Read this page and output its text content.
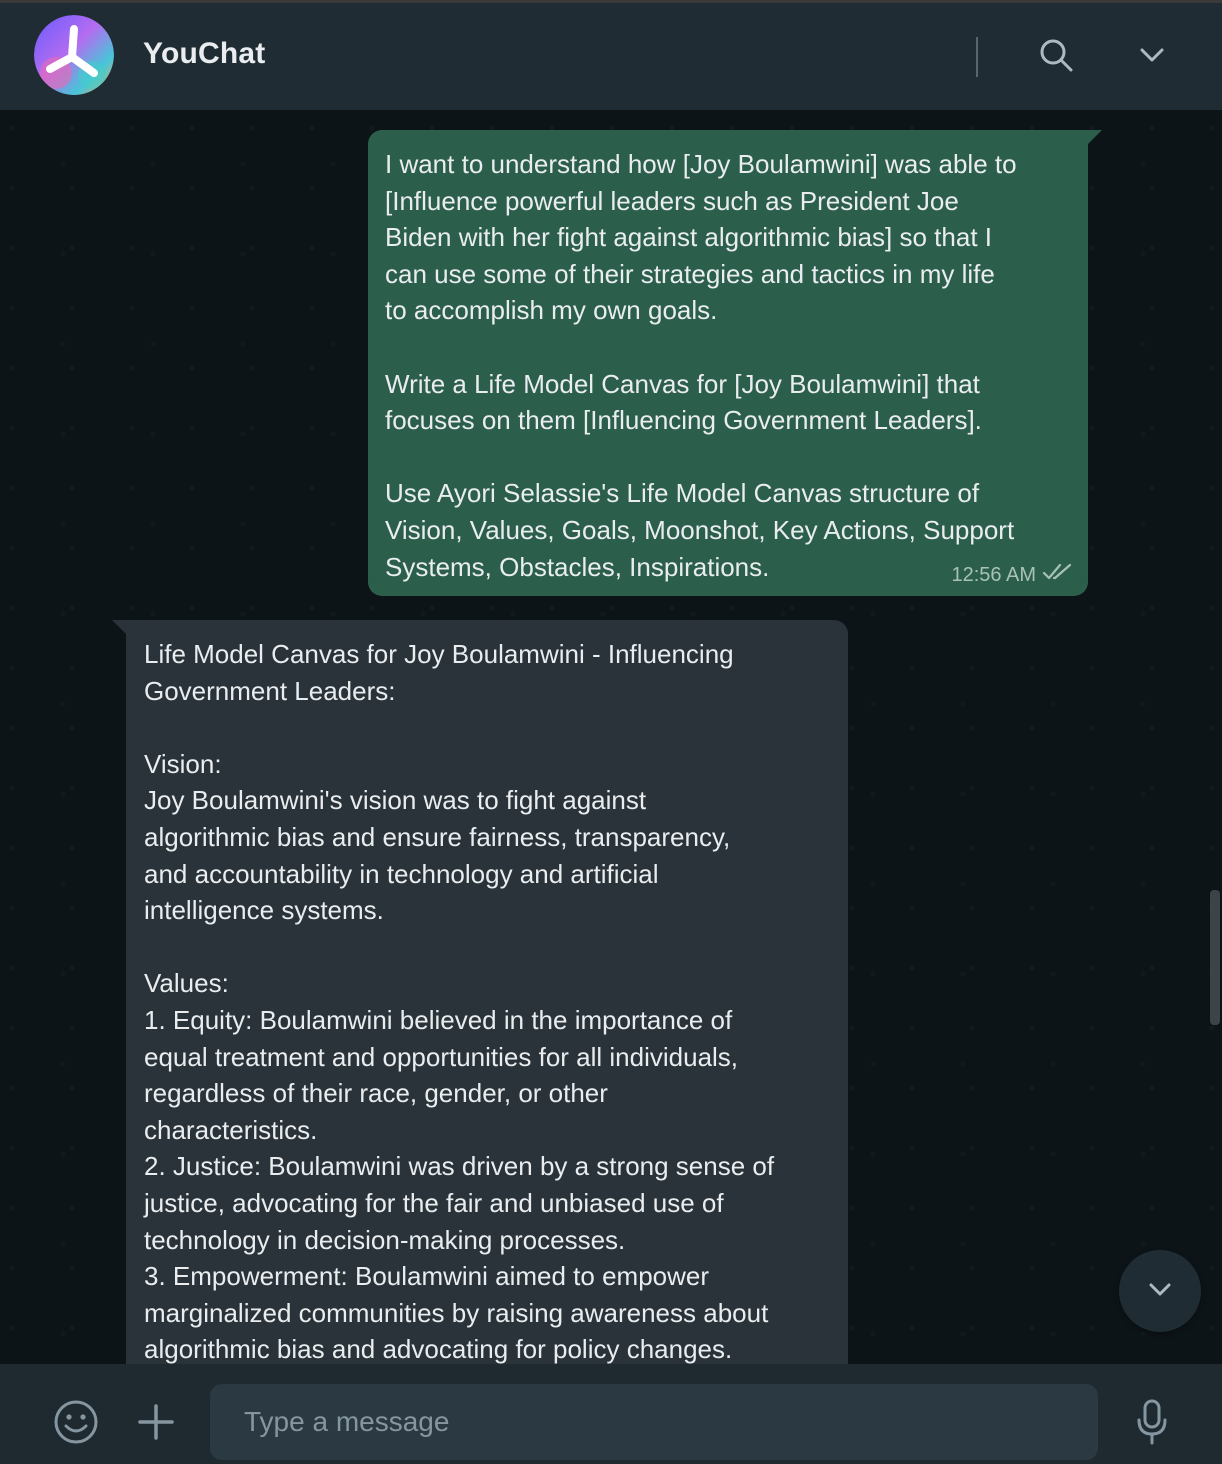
YouChat
I want to understand how [Joy Boulamwini] was able to
[Influence powerful leaders such as President Joe
Biden with her fight against algorithmic bias] so that I
can use some of their strategies and tactics in my life
to accomplish my own goals.

Write a Life Model Canvas for [Joy Boulamwini] that
focuses on them [Influencing Government Leaders].

Use Ayori Selassie's Life Model Canvas structure of
Vision, Values, Goals, Moonshot, Key Actions, Support
Systems, Obstacles, Inspirations.	12:56 AM
Life Model Canvas for Joy Boulamwini - Influencing
Government Leaders:

Vision:
Joy Boulamwini's vision was to fight against
algorithmic bias and ensure fairness, transparency,
and accountability in technology and artificial
intelligence systems.

Values:
1. Equity: Boulamwini believed in the importance of
equal treatment and opportunities for all individuals,
regardless of their race, gender, or other
characteristics.
2. Justice: Boulamwini was driven by a strong sense of
justice, advocating for the fair and unbiased use of
technology in decision-making processes.
3. Empowerment: Boulamwini aimed to empower
marginalized communities by raising awareness about
algorithmic bias and advocating for policy changes.
Type a message
